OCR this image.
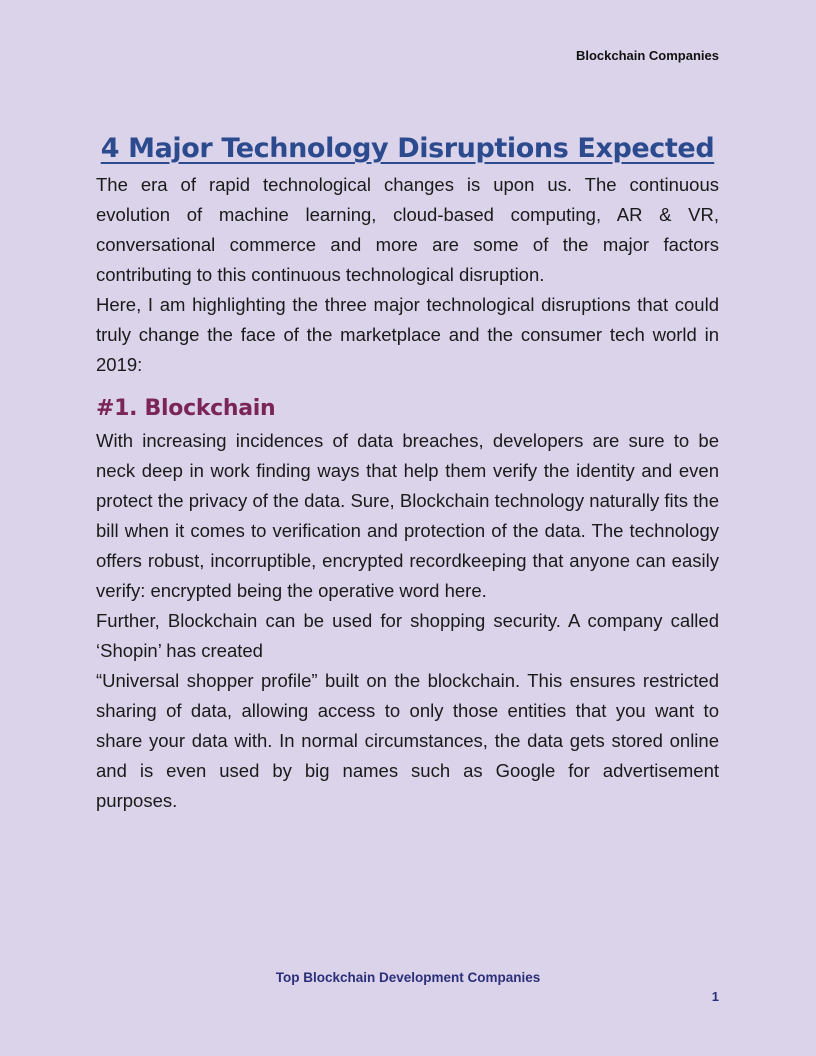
Blockchain Companies
4 Major Technology Disruptions Expected

The era of rapid technological changes is upon us. The continuous evolution of machine learning, cloud-based computing, AR & VR, conversational commerce and more are some of the major factors contributing to this continuous technological disruption.

Here, I am highlighting the three major technological disruptions that could truly change the face of the marketplace and the consumer tech world in 2019:

#1. Blockchain

With increasing incidences of data breaches, developers are sure to be neck deep in work finding ways that help them verify the identity and even protect the privacy of the data. Sure, Blockchain technology naturally fits the bill when it comes to verification and protection of the data. The technology offers robust, incorruptible, encrypted recordkeeping that anyone can easily verify: encrypted being the operative word here.

Further, Blockchain can be used for shopping security. A company called ‘Shopin’ has created

“Universal shopper profile” built on the blockchain. This ensures restricted sharing of data, allowing access to only those entities that you want to share your data with. In normal circumstances, the data gets stored online and is even used by big names such as Google for advertisement purposes.

Top Blockchain Development Companies
1
